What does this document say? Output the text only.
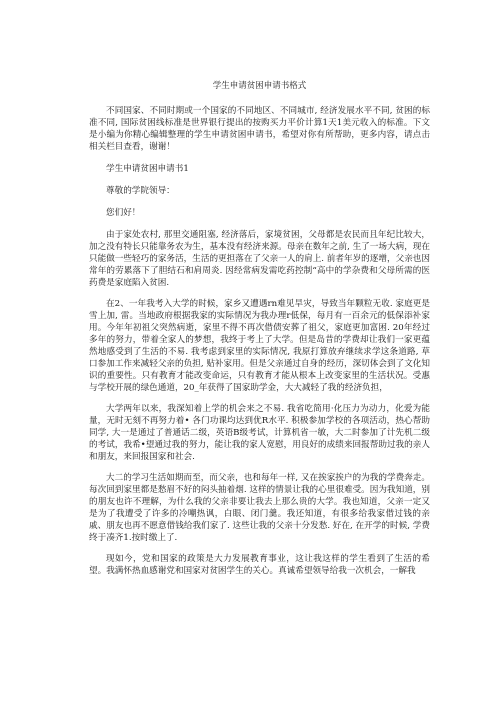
学生申请贫困申请书格式

不同国家、不同时期或一个国家的不同地区、不同城市, 经济发展水平不同, 贫困的标准不同, 国际贫困线标准是世界银行提出的按购买力平价计算1天1美元收入的标准。下文是小编为你精心编辑整理的学生申请贫困申请书，希望对你有所帮助，更多内容，请点击相关栏目查看，谢谢！

学生申请贫困申请书1

尊敬的学院领导：

您们好！

由于家处农村, 那里交通阻塞, 经济落后，家境贫困，父母都是农民而且年纪比较大，加之没有特长只能靠务农为生，基本没有经济来源。母亲在数年之前, 生了一场大病，现在只能做一些轻巧的家务活，生活的更担落在了父亲一人的肩上. 前者年岁的逐增，父亲也因常年的劳累落下了胆结石和肩周炎. 因经常病发需吃药控制“高中的学杂费和父母所需的医药费是家庭陷入贫困.

在2、一年我考入大学的时候，家乡又遭遇rn难见旱灾，导致当年颗粒无收. 家庭更是雪上加, 雷。当地政府根据我家的实际情况为我办理r低保，每月有一百余元的低保添补家用。今年年初祖父突然病逝，家里不得不再次借债安葬了祖父，家庭更加富困. 20年经过多年的努力，带着全家人的梦想，我终于考上了大学。但是岛昔的学费却让我们一家更蕴然地感受到了生活的不易. 我考虑到家里的实际情况, 我原打算放弃继续求学这条道路, 草口参加工作来减轻父亲的负担, 贴补家用。但是父亲通过自身的经历，深切体会到了文化知识的重要性。只有教育才能改变命运，只有教育才能从根本上改变家里的生活状况。受惠与学校开展的绿色通道，20_年获得了国家助学金，大大减轻了我的经济负担，

大学两年以来，我深知着上学的机会来之不易. 我省吃简用·化压力为动力，化爱为能量，无时无刻不再努力着• 各门功课均达到优R水平. 积极参加学校的各项活动，热心帮助同学, 大一是通过了普通话二级，英语B级考试，计算机省一敏，大二时参加了计先机二级的考试，我希•望通过我的努力，能让我的家人宽慰，用良好的成绩来回报帮助过我的亲人和朋友，来回报国家和社会.

大二的学习生活如期而至，而父亲，也和每年一样, 又在挨家挨户的为我的学费奔走。每次回到家里都是愁眉不好的闷头抽着烟. 这样的情景让我的心里很难受。因为我知道，别的朋友也许不理解，为什么我的父亲非要让我去上那么贵的大学。我也知道，父亲一定又是为了我遭受了许多的冷嘲热讽，白眼、闭门羹。我还知道，有很多给我家借过钱的亲戚、朋友也再不愿意借钱给我们家了. 这些让我的父亲十分发愁. 好在, 在开学的时候, 学费终于凑齐1.按时缴上了.

现如今，党和国家的政策是大力发展教育事业，这让我这样的学生看到了生活的希望。我满怀热血感谢党和国家对贫困学生的关心。真诚希望领导给我一次机会，一解我
